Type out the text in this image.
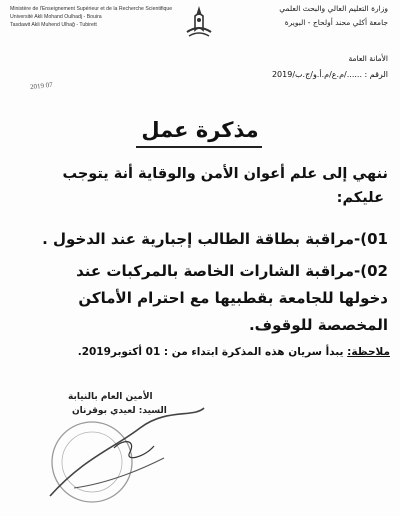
Ministère de l'Enseignement Supérieur et de la Recherche Scientifique
Université Akli Mohand Oulhadj - Bouira
Tasdawit Akli Muhend Ulhağ - Tubirett
وزارة التعليم العالي والبحث العلمي
جامعة أكلي محند أولحاج - البويرة
الأمانة العامة
الرقم : ....../م.ع/م.أ.و/ج.ب/2019
2019 07
مذكرة عمل
ننهي إلى علم أعوان الأمن والوقاية أنة يتوجب
عليكم:
01)-مراقبة بطاقة الطالب إجبارية عند الدخول .
02)-مراقبة الشارات الخاصة بالمركبات عند
دخولها للجامعة بقطبيها مع احترام الأماكن
المخصصة للوقوف.
ملاحظة: يبدأ سريان هذه المذكرة ابتداء من : 01 أكتوبر2019.
الأمين العام بالنيابة
السيد: لعيدي بوقرنان
